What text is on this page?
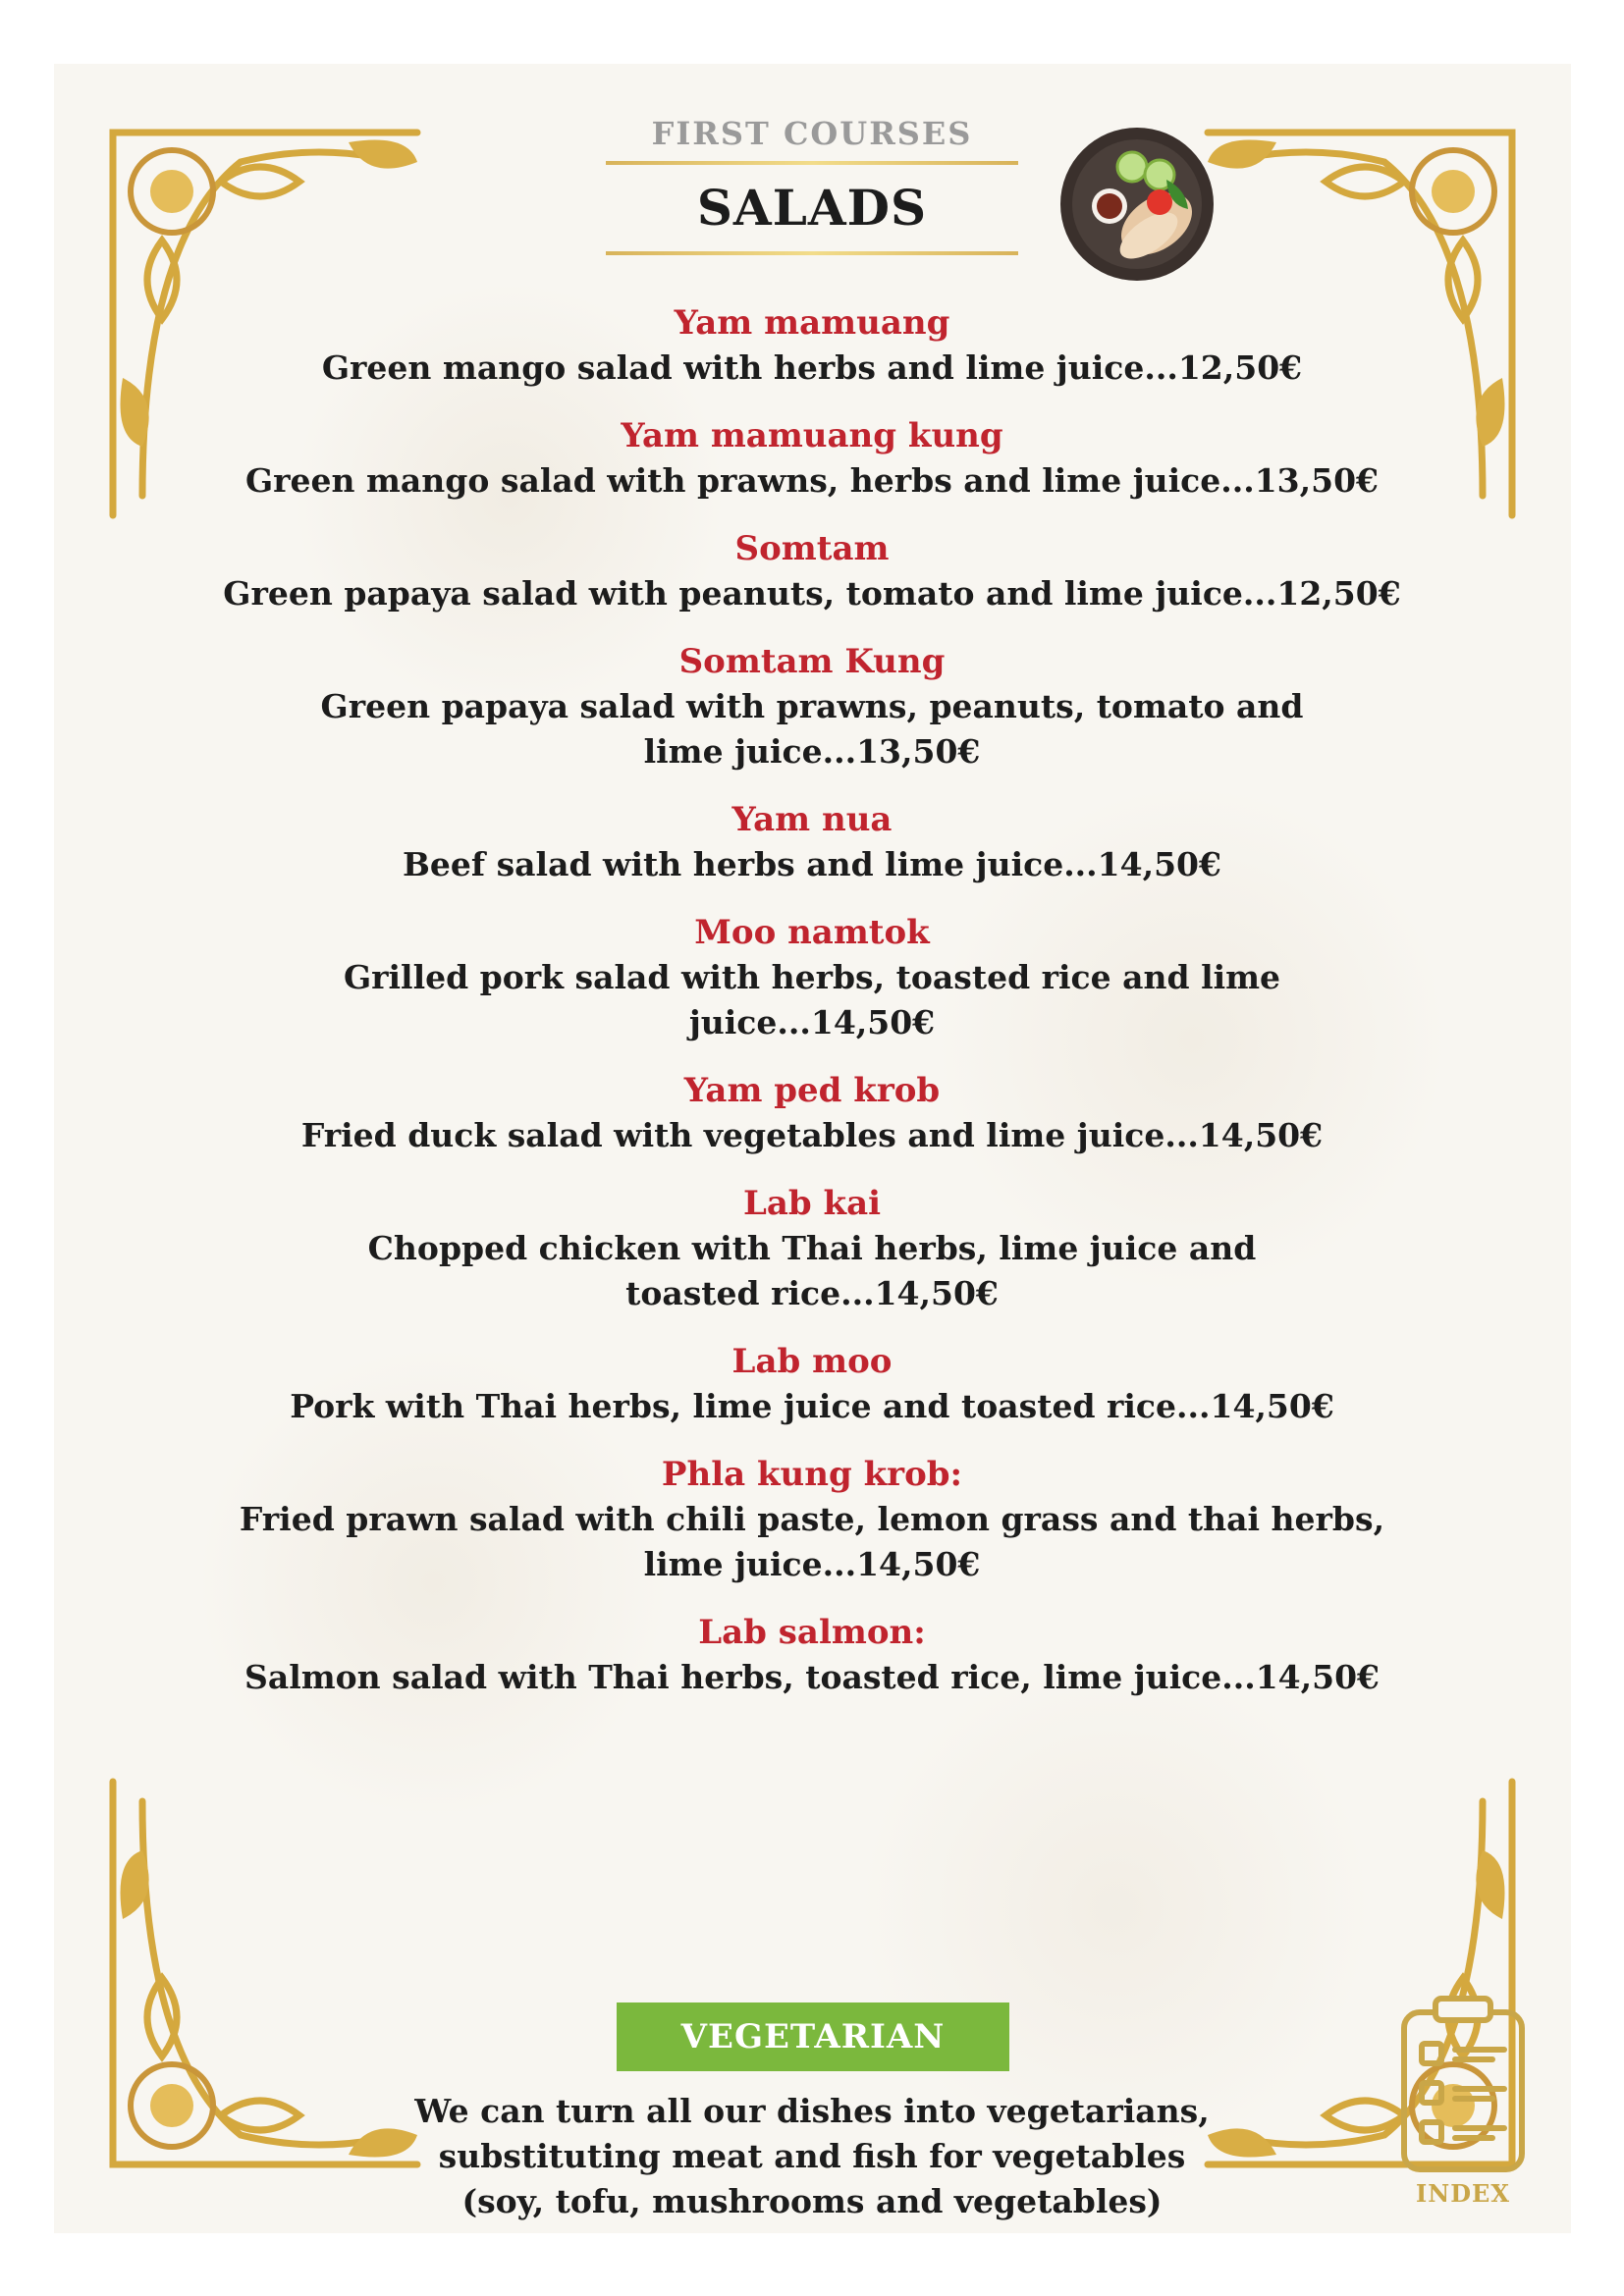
FIRST COURSES
SALADS
Yam mamuang
Green mango salad with herbs and lime juice...12,50€
Yam mamuang kung
Green mango salad with prawns, herbs and lime juice...13,50€
Somtam
Green papaya salad with peanuts, tomato and lime juice...12,50€
Somtam Kung
Green papaya salad with prawns, peanuts, tomato and
lime juice...13,50€
Yam nua
Beef salad with herbs and lime juice...14,50€
Moo namtok
Grilled pork salad with herbs, toasted rice and lime juice...14,50€
Yam ped krob
Fried duck salad with vegetables and lime juice...14,50€
Lab kai
Chopped chicken with Thai herbs, lime juice and
toasted rice...14,50€
Lab moo
Pork with Thai herbs, lime juice and toasted rice...14,50€
Phla kung krob:
Fried prawn salad with chili paste, lemon grass and thai herbs,
lime juice...14,50€
Lab salmon:
Salmon salad with Thai herbs, toasted rice, lime juice...14,50€
VEGETARIAN
We can turn all our dishes into vegetarians,
substituting meat and fish for vegetables
(soy, tofu, mushrooms and vegetables)	INDEX
